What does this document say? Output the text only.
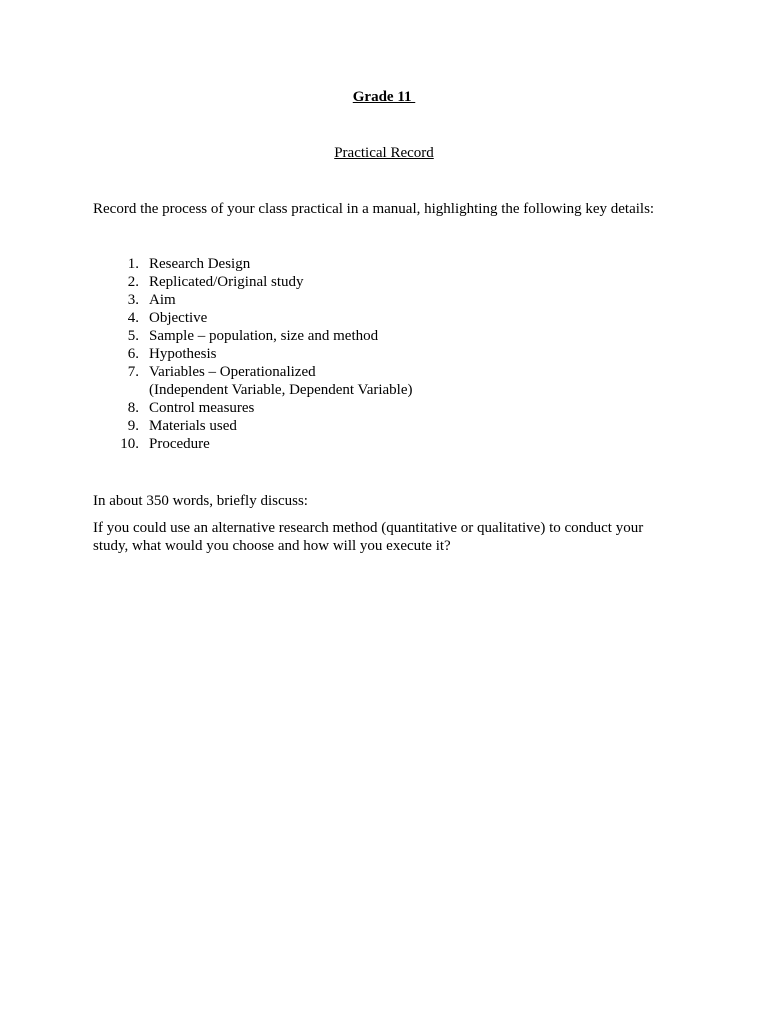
Grade 11
Practical Record
Record the process of your class practical in a manual, highlighting the following key details:
1. Research Design
2. Replicated/Original study
3. Aim
4. Objective
5. Sample – population, size and method
6. Hypothesis
7. Variables – Operationalized
(Independent Variable, Dependent Variable)
8. Control measures
9. Materials used
10. Procedure
In about 350 words, briefly discuss:
If you could use an alternative research method (quantitative or qualitative) to conduct your study, what would you choose and how will you execute it?
